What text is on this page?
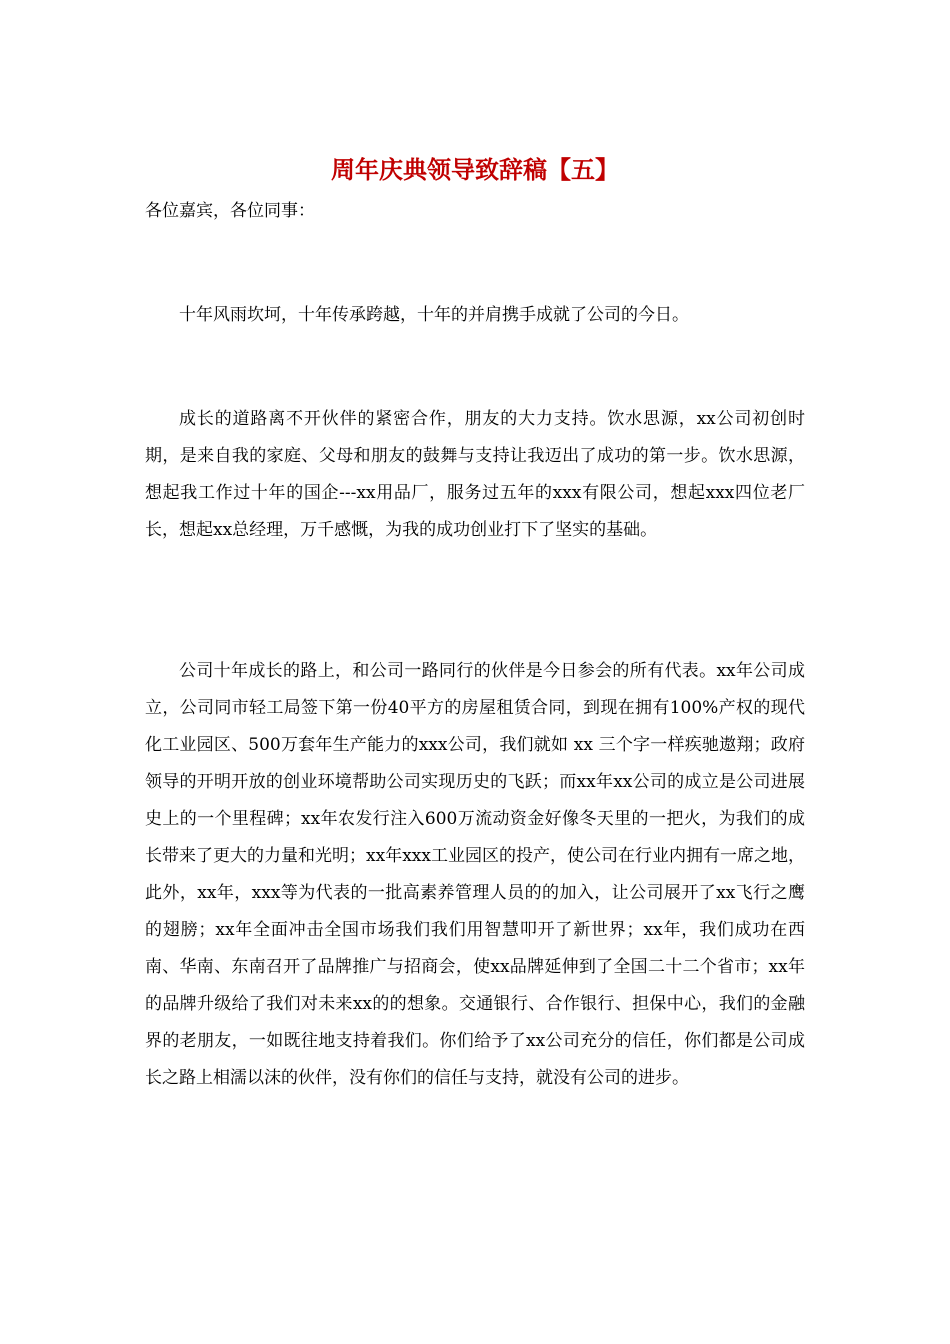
周年庆典领导致辞稿【五】

各位嘉宾，各位同事：

十年风雨坎坷，十年传承跨越，十年的并肩携手成就了公司的今日。

成长的道路离不开伙伴的紧密合作，朋友的大力支持。饮水思源，xx公司初创时期，是来自我的家庭、父母和朋友的鼓舞与支持让我迈出了成功的第一步。饮水思源，想起我工作过十年的国企---xx用品厂，服务过五年的xxx有限公司，想起xxx四位老厂长，想起xx总经理，万千感慨，为我的成功创业打下了坚实的基础。

公司十年成长的路上，和公司一路同行的伙伴是今日参会的所有代表。xx年公司成立，公司同市轻工局签下第一份40平方的房屋租赁合同，到现在拥有100%产权的现代化工业园区、500万套年生产能力的xxx公司，我们就如 xx 三个字一样疾驰遨翔；政府领导的开明开放的创业环境帮助公司实现历史的飞跃；而xx年xx公司的成立是公司进展史上的一个里程碑；xx年农发行注入600万流动资金好像冬天里的一把火，为我们的成长带来了更大的力量和光明；xx年xxx工业园区的投产，使公司在行业内拥有一席之地，此外，xx年，xxx等为代表的一批高素养管理人员的的加入，让公司展开了xx飞行之鹰的翅膀；xx年全面冲击全国市场我们我们用智慧叩开了新世界；xx年，我们成功在西南、华南、东南召开了品牌推广与招商会，使xx品牌延伸到了全国二十二个省市；xx年的品牌升级给了我们对未来xx的的想象。交通银行、合作银行、担保中心，我们的金融界的老朋友，一如既往地支持着我们。你们给予了xx公司充分的信任，你们都是公司成长之路上相濡以沫的伙伴，没有你们的信任与支持，就没有公司的进步。
